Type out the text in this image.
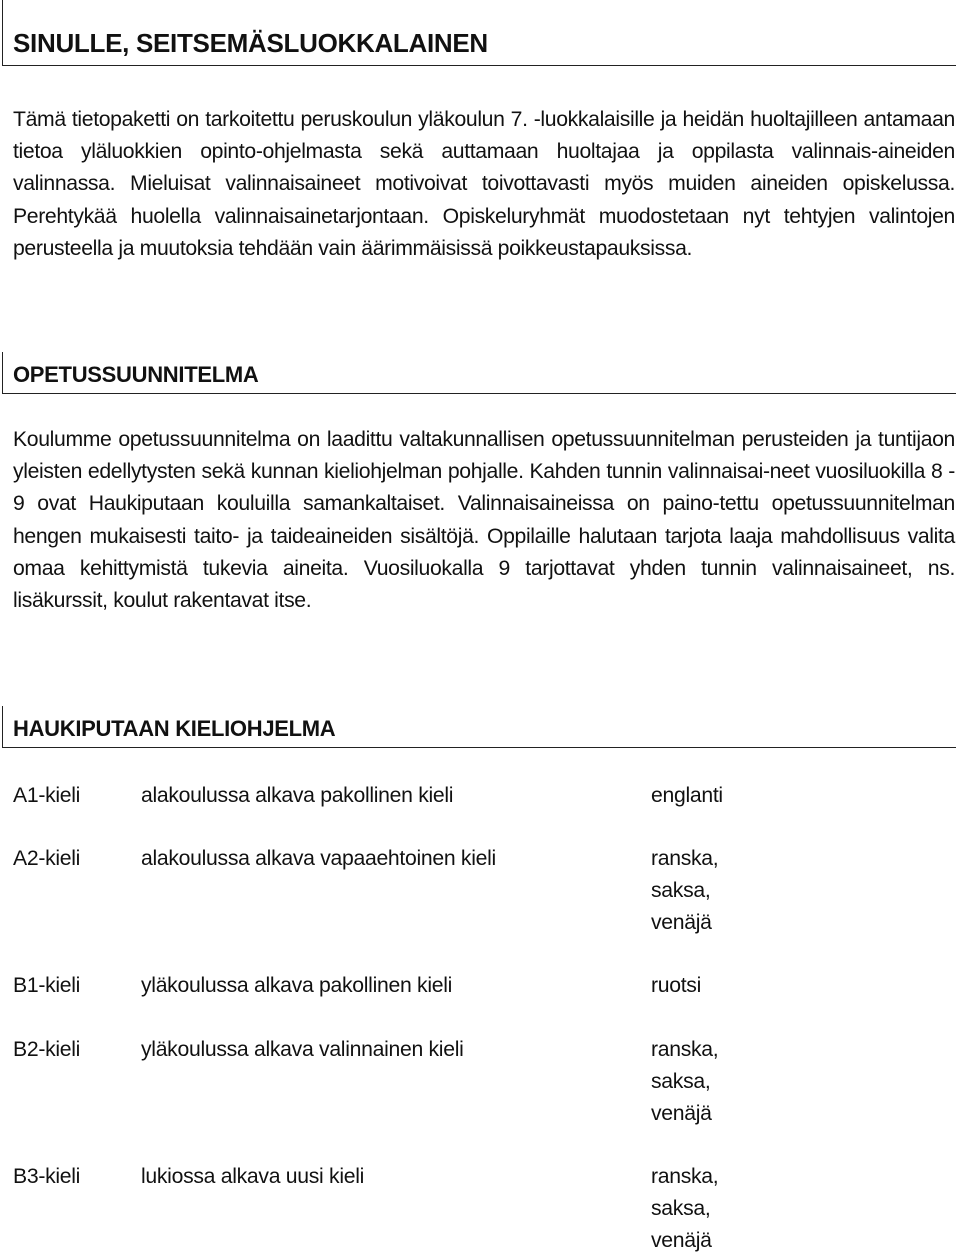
SINULLE, SEITSEMÄSLUOKKALAINEN

Tämä tietopaketti on tarkoitettu peruskoulun yläkoulun 7. -luokkalaisille ja heidän huoltajilleen antamaan tietoa yläluokkien opinto-ohjelmasta sekä auttamaan huoltajaa ja oppilasta valinnais-aineiden valinnassa. Mieluisat valinnaisaineet motivoivat toivottavasti myös muiden aineiden opiskelussa. Perehtykää huolella valinnaisainetarjontaan. Opiskeluryhmät muodostetaan nyt tehtyjen valintojen perusteella ja muutoksia tehdään vain äärimmäisissä poikkeustapauksissa.

OPETUSSUUNNITELMA

Koulumme opetussuunnitelma on laadittu valtakunnallisen opetussuunnitelman perusteiden ja tuntijaon yleisten edellytysten sekä kunnan kieliohjelman pohjalle. Kahden tunnin valinnaisai-neet vuosiluokilla 8 - 9 ovat Haukiputaan kouluilla samankaltaiset. Valinnaisaineissa on paino-tettu opetussuunnitelman hengen mukaisesti taito- ja taideaineiden sisältöjä. Oppilaille halutaan tarjota laaja mahdollisuus valita omaa kehittymistä tukevia aineita. Vuosiluokalla 9 tarjottavat yhden tunnin valinnaisaineet, ns. lisäkurssit, koulut rakentavat itse.

HAUKIPUTAAN KIELIOHJELMA
A1-kieli	alakoulussa alkava pakollinen kieli	englanti
A2-kieli	alakoulussa alkava vapaaehtoinen kieli	ranska,
saksa,
venäjä
B1-kieli	yläkoulussa alkava pakollinen kieli	ruotsi
B2-kieli	yläkoulussa alkava valinnainen kieli	ranska,
saksa,
venäjä
B3-kieli	lukiossa alkava uusi kieli	ranska,
saksa,
venäjä
